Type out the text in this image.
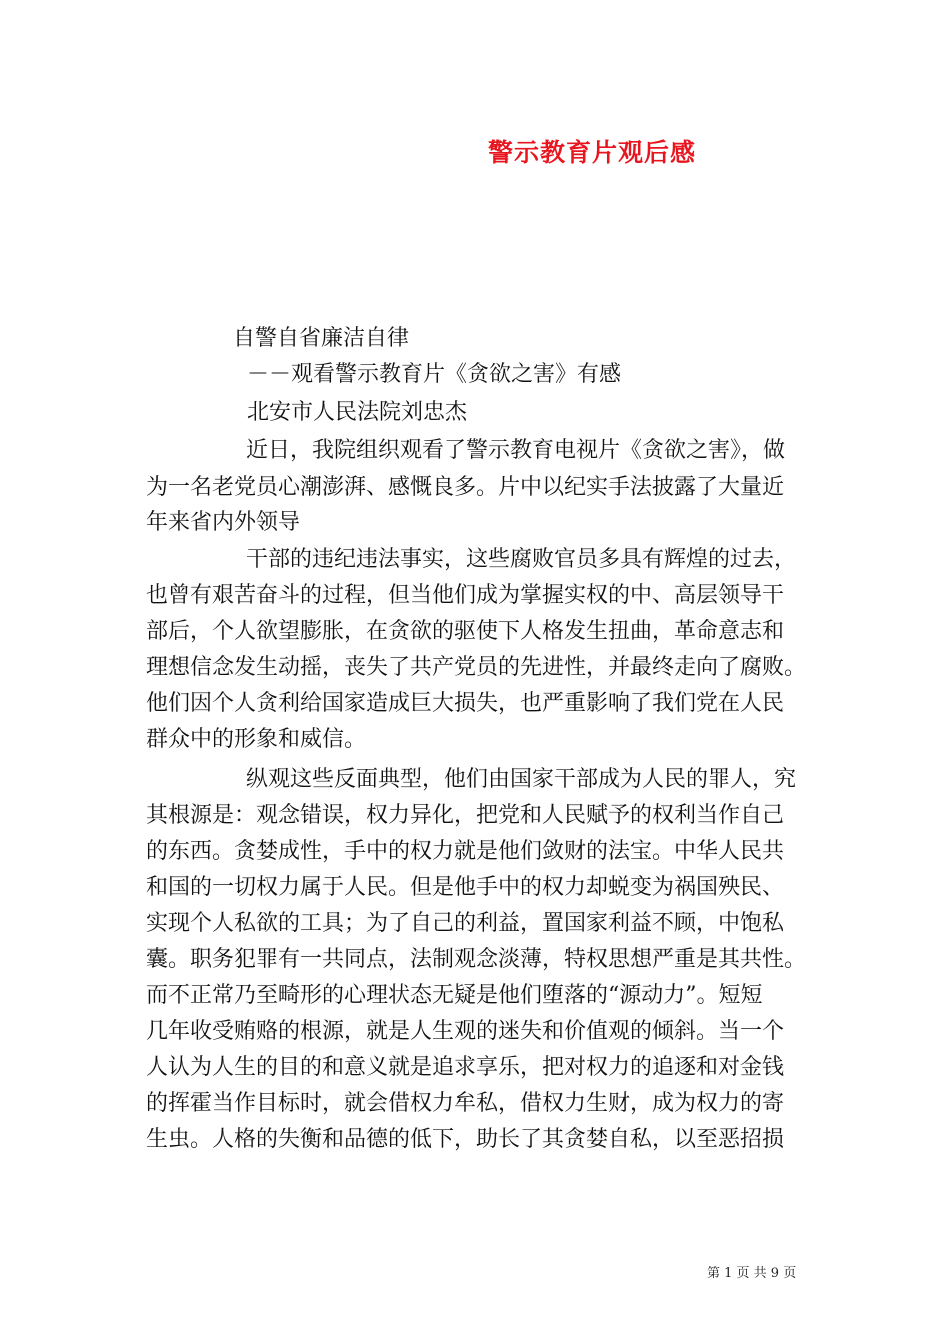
警示教育片观后感
自警自省廉洁自律
－－观看警示教育片《贪欲之害》有感
北安市人民法院刘忠杰
近日，我院组织观看了警示教育电视片《贪欲之害》，做
为一名老党员心潮澎湃、感慨良多。片中以纪实手法披露了大量近
年来省内外领导
干部的违纪违法事实，这些腐败官员多具有辉煌的过去，
也曾有艰苦奋斗的过程，但当他们成为掌握实权的中、高层领导干
部后，个人欲望膨胀，在贪欲的驱使下人格发生扭曲，革命意志和
理想信念发生动摇，丧失了共产党员的先进性，并最终走向了腐败。
他们因个人贪利给国家造成巨大损失，也严重影响了我们党在人民
群众中的形象和威信。
纵观这些反面典型，他们由国家干部成为人民的罪人，究
其根源是：观念错误，权力异化，把党和人民赋予的权利当作自己
的东西。贪婪成性，手中的权力就是他们敛财的法宝。中华人民共
和国的一切权力属于人民。但是他手中的权力却蜕变为祸国殃民、
实现个人私欲的工具；为了自己的利益，置国家利益不顾，中饱私
囊。职务犯罪有一共同点，法制观念淡薄，特权思想严重是其共性。
而不正常乃至畸形的心理状态无疑是他们堕落的“源动力”。短短
几年收受贿赂的根源，就是人生观的迷失和价值观的倾斜。当一个
人认为人生的目的和意义就是追求享乐，把对权力的追逐和对金钱
的挥霍当作目标时，就会借权力牟私，借权力生财，成为权力的寄
生虫。人格的失衡和品德的低下，助长了其贪婪自私，以至恶招损
第 1 页 共 9 页
